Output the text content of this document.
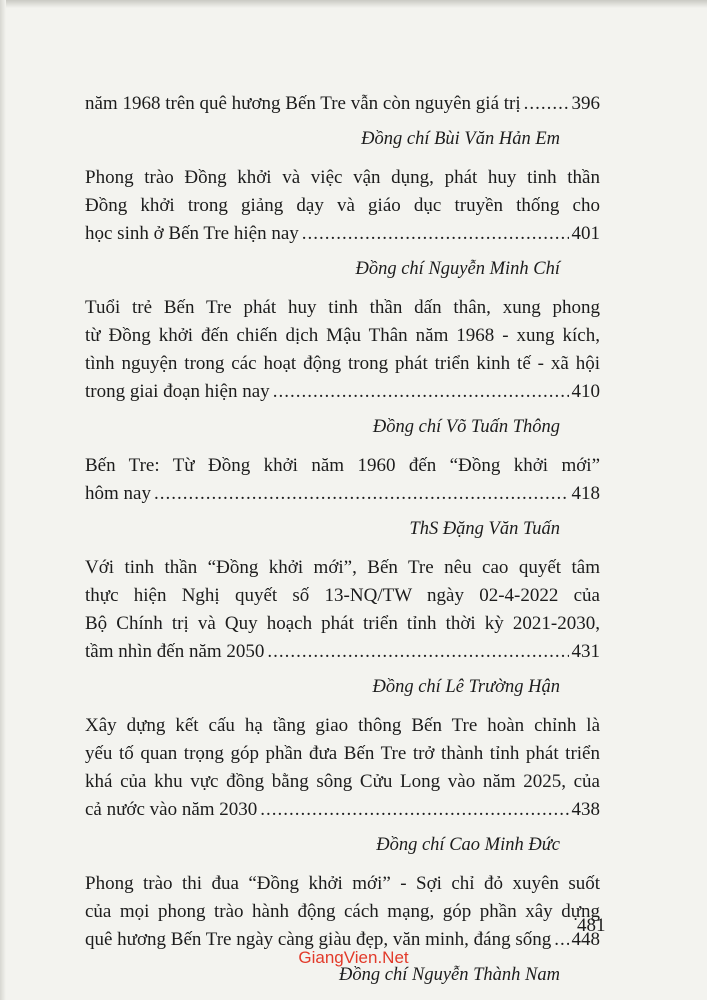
năm 1968 trên quê hương Bến Tre vẫn còn nguyên giá trị .....	396
Đồng chí Bùi Văn Hản Em
Phong trào Đồng khởi và việc vận dụng, phát huy tinh thần
Đồng khởi trong giảng dạy và giáo dục truyền thống cho
học sinh ở Bến Tre hiện nay .....	401
Đồng chí Nguyễn Minh Chí
Tuổi trẻ Bến Tre phát huy tinh thần dấn thân, xung phong
từ Đồng khởi đến chiến dịch Mậu Thân năm 1968 - xung kích,
tình nguyện trong các hoạt động trong phát triển kinh tế - xã hội
trong giai đoạn hiện nay .....	410
Đồng chí Võ Tuấn Thông
Bến Tre: Từ Đồng khởi năm 1960 đến “Đồng khởi mới”
hôm nay .....	418
ThS Đặng Văn Tuấn
Với tinh thần “Đồng khởi mới”, Bến Tre nêu cao quyết tâm
thực hiện Nghị quyết số 13-NQ/TW ngày 02-4-2022 của
Bộ Chính trị và Quy hoạch phát triển tỉnh thời kỳ 2021-2030,
tầm nhìn đến năm 2050 .....	431
Đồng chí Lê Trường Hận
Xây dựng kết cấu hạ tầng giao thông Bến Tre hoàn chỉnh là
yếu tố quan trọng góp phần đưa Bến Tre trở thành tỉnh phát triển
khá của khu vực đồng bằng sông Cửu Long vào năm 2025, của
cả nước vào năm 2030 .....	438
Đồng chí Cao Minh Đức
Phong trào thi đua “Đồng khởi mới” - Sợi chỉ đỏ xuyên suốt
của mọi phong trào hành động cách mạng, góp phần xây dựng
quê hương Bến Tre ngày càng giàu đẹp, văn minh, đáng sống ..... 448
Đồng chí Nguyễn Thành Nam
481
GiangVien.Net
